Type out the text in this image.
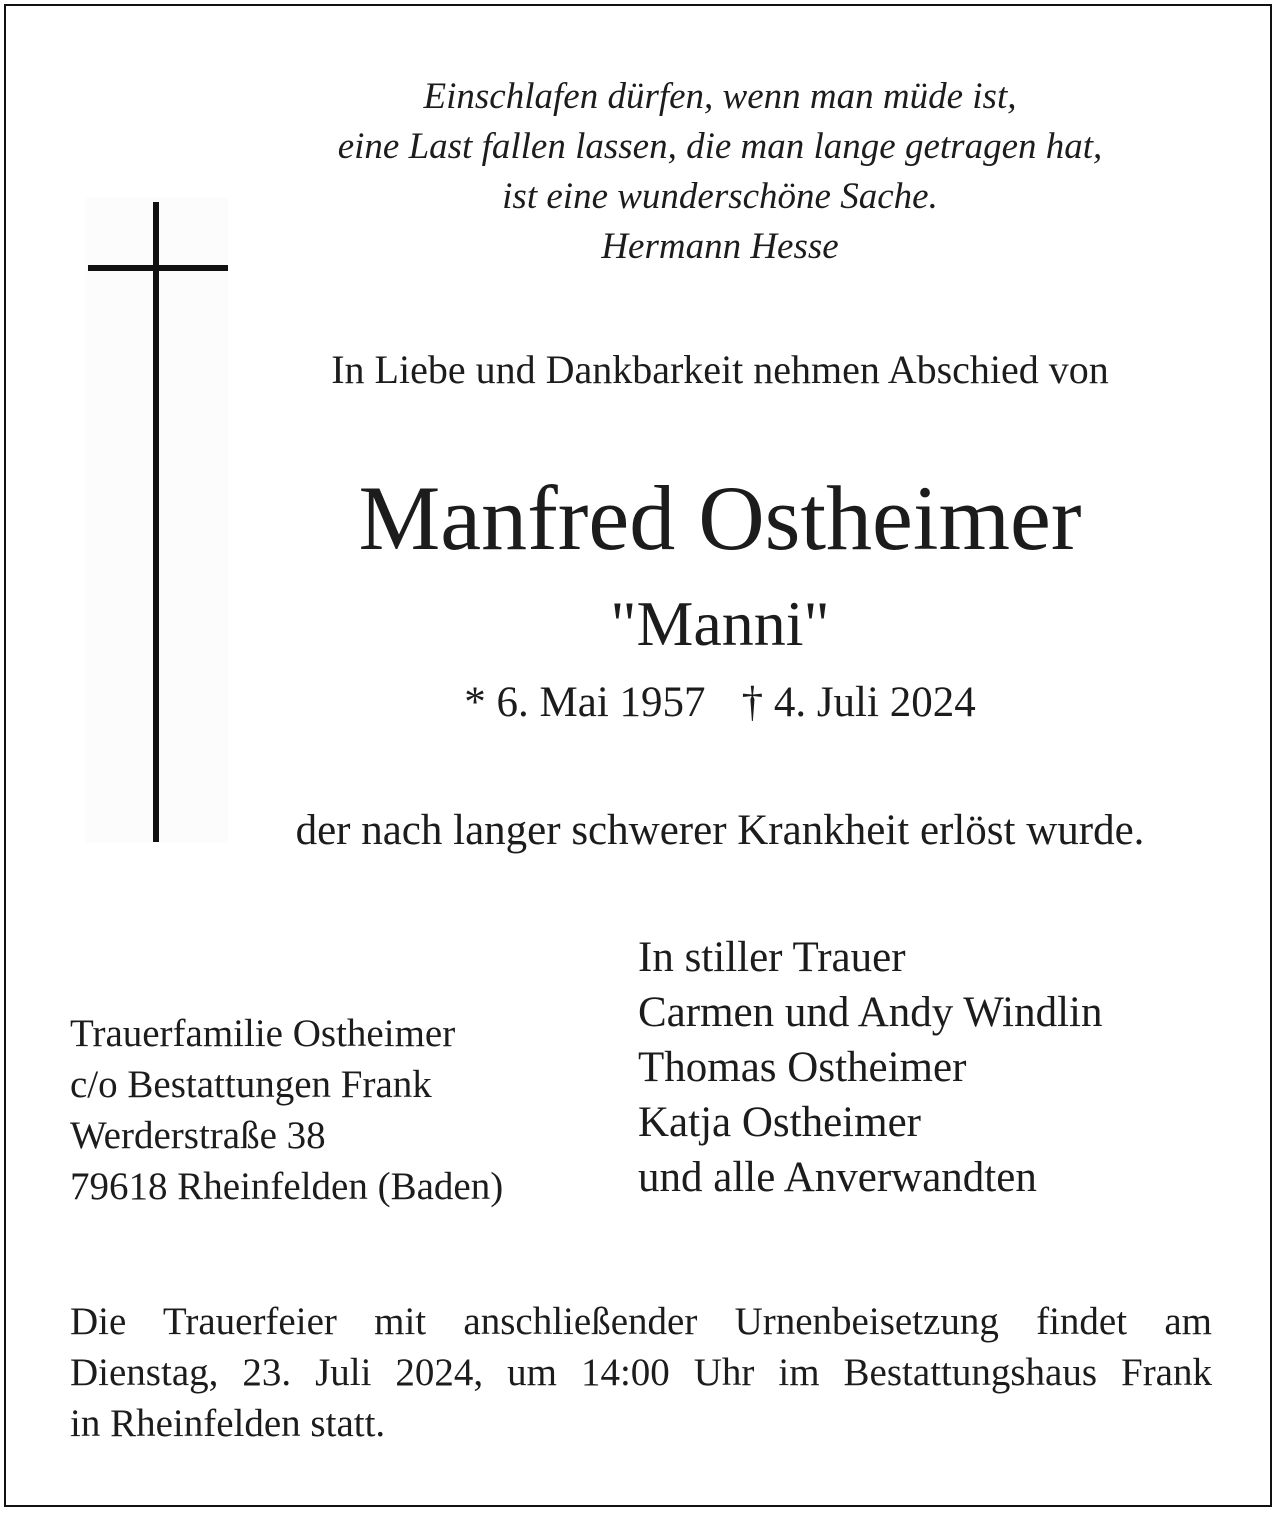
Einschlafen dürfen, wenn man müde ist,
eine Last fallen lassen, die man lange getragen hat,
ist eine wunderschöne Sache.
Hermann Hesse
In Liebe und Dankbarkeit nehmen Abschied von
Manfred Ostheimer
"Manni"
* 6. Mai 1957 † 4. Juli 2024
der nach langer schwerer Krankheit erlöst wurde.
In stiller Trauer
Carmen und Andy Windlin
Thomas Ostheimer
Katja Ostheimer
und alle Anverwandten
Trauerfamilie Ostheimer
c/o Bestattungen Frank
Werderstraße 38
79618 Rheinfelden (Baden)
Die Trauerfeier mit anschließender Urnenbeisetzung findet am
Dienstag, 23. Juli 2024, um 14:00 Uhr im Bestattungshaus Frank
in Rheinfelden statt.
